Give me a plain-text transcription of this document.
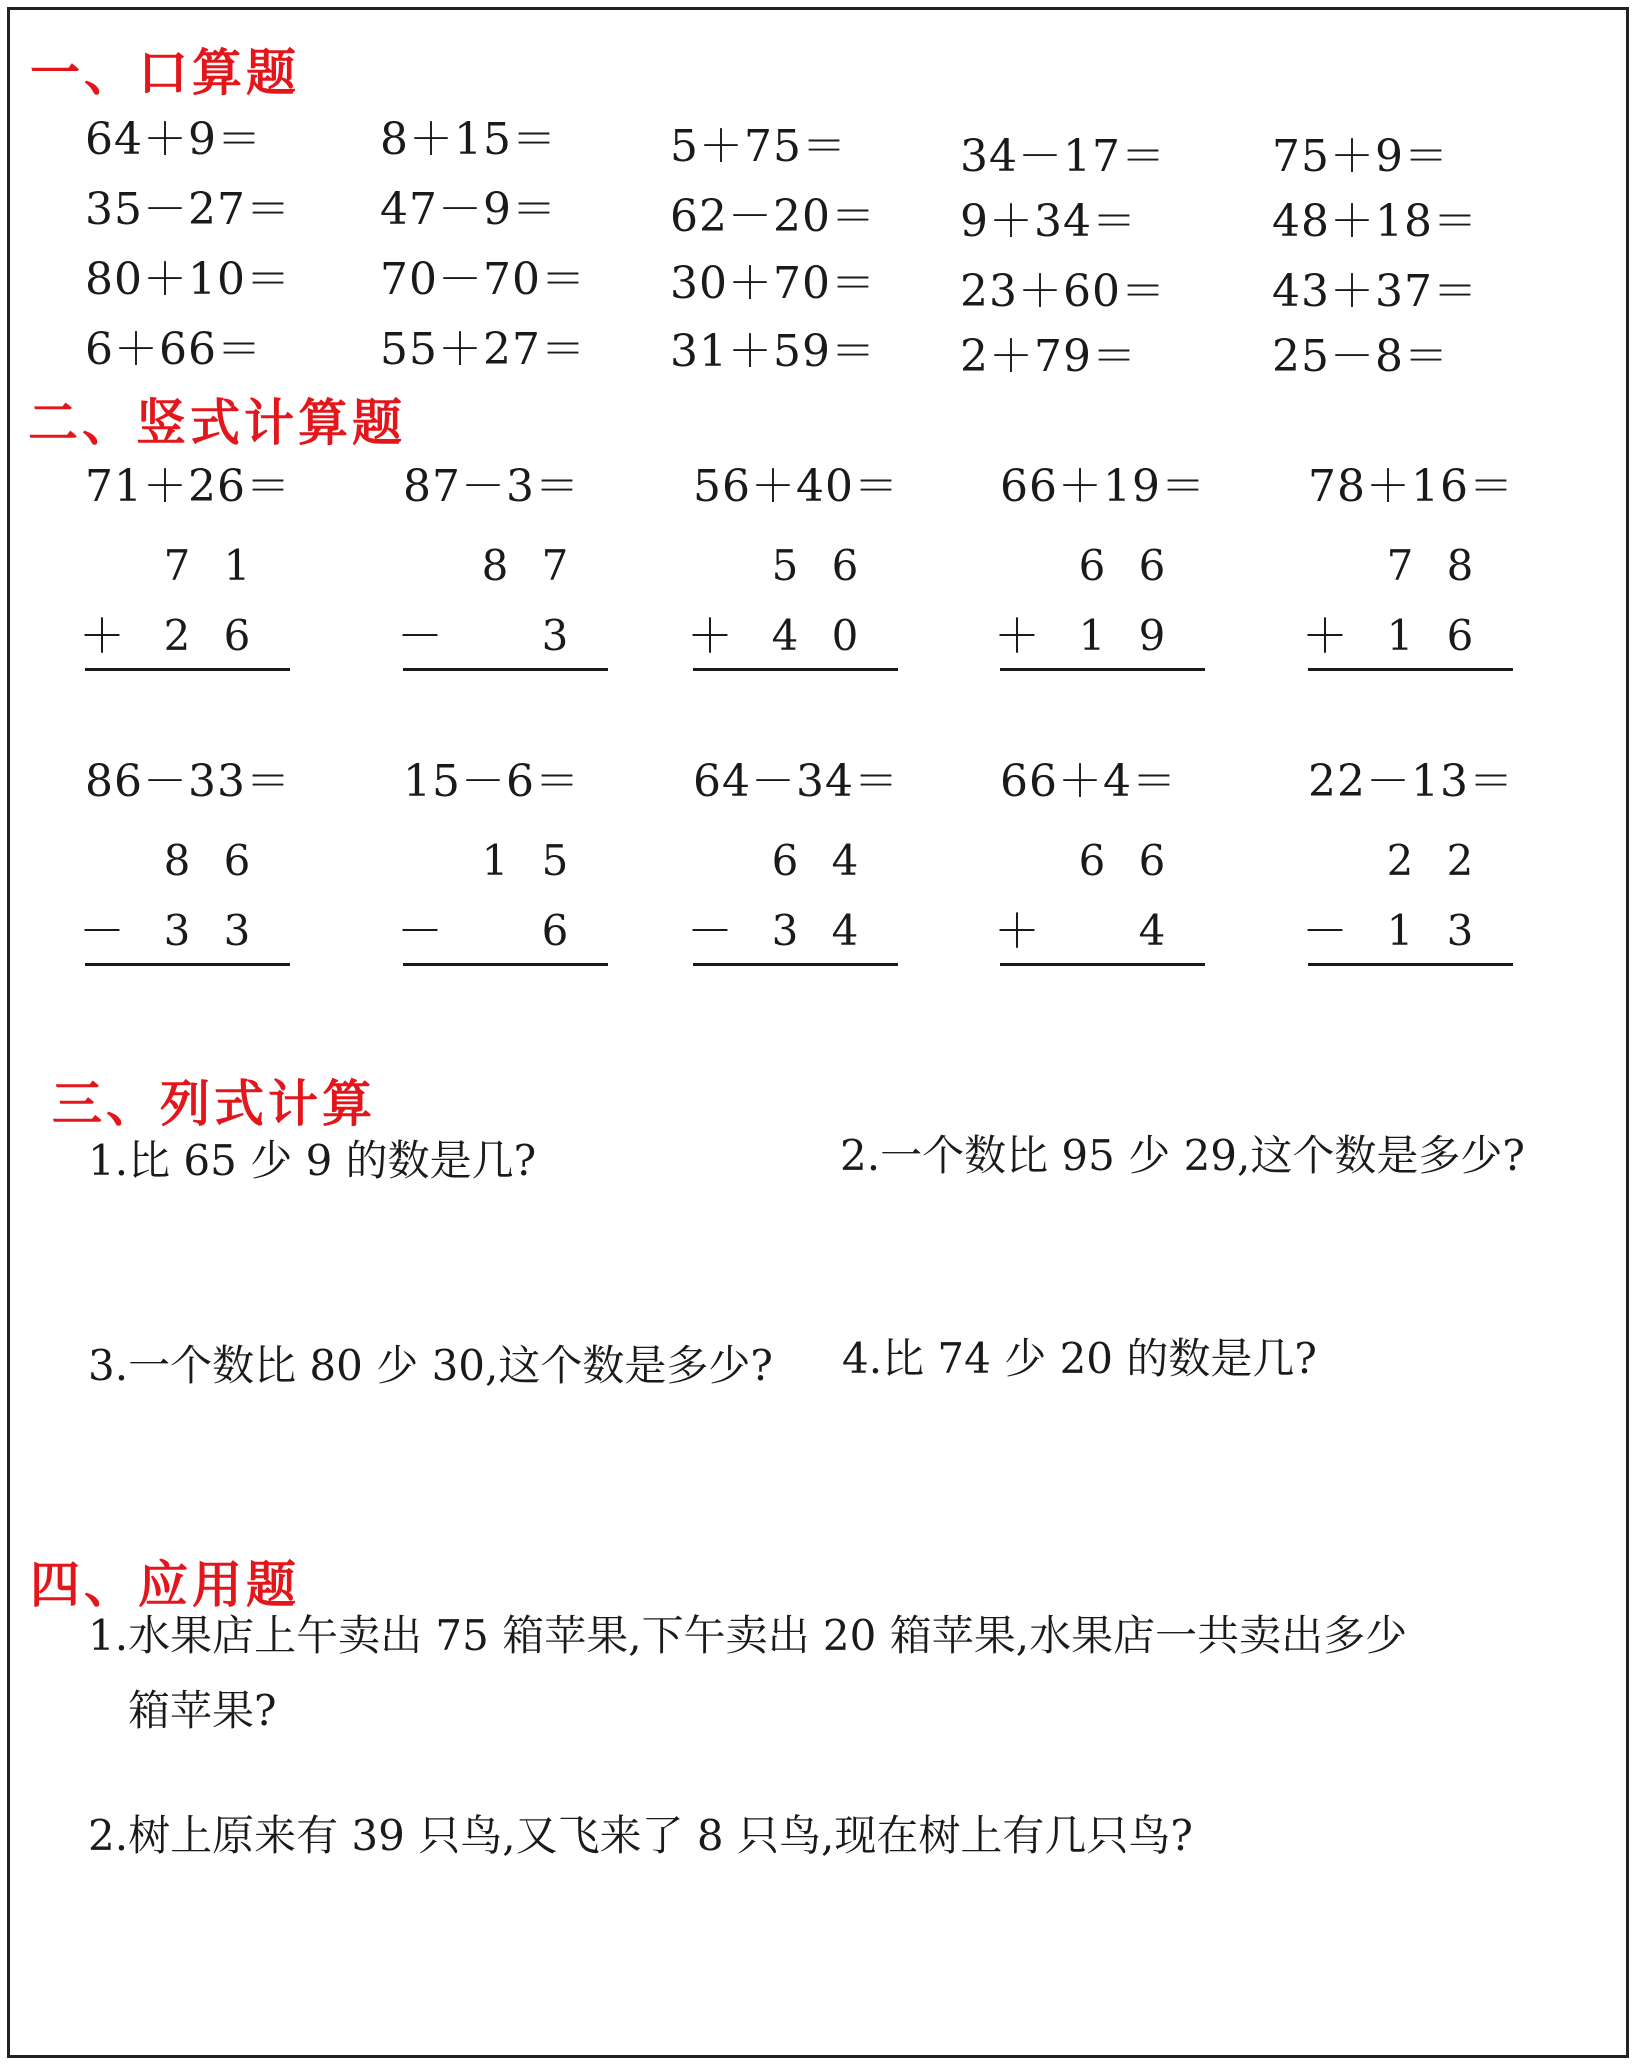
一、口算题
64＋9＝
35－27＝
80＋10＝
6＋66＝
8＋15＝
47－9＝
70－70＝
55＋27＝
5＋75＝
62－20＝
30＋70＝
31＋59＝
34－17＝
9＋34＝
23＋60＝
2＋79＝
75＋9＝
48＋18＝
43＋37＝
25－8＝
二、竖式计算题
71＋26＝
7 1
＋ 2 6
87－3＝
8 7
－ 3
56＋40＝
5 6
＋ 4 0
66＋19＝
6 6
＋ 1 9
78＋16＝
7 8
＋ 1 6
86－33＝
8 6
－ 3 3
15－6＝
1 5
－ 6
64－34＝
6 4
－ 3 4
66＋4＝
6 6
＋ 4
22－13＝
2 2
－ 1 3
三、列式计算
1.比 65 少 9 的数是几?	2.一个数比 95 少 29,这个数是多少?
3.一个数比 80 少 30,这个数是多少? 4.比 74 少 20 的数是几?
四、应用题
1.水果店上午卖出 75 箱苹果,下午卖出 20 箱苹果,水果店一共卖出多少
箱苹果?
2.树上原来有 39 只鸟,又飞来了 8 只鸟,现在树上有几只鸟?
